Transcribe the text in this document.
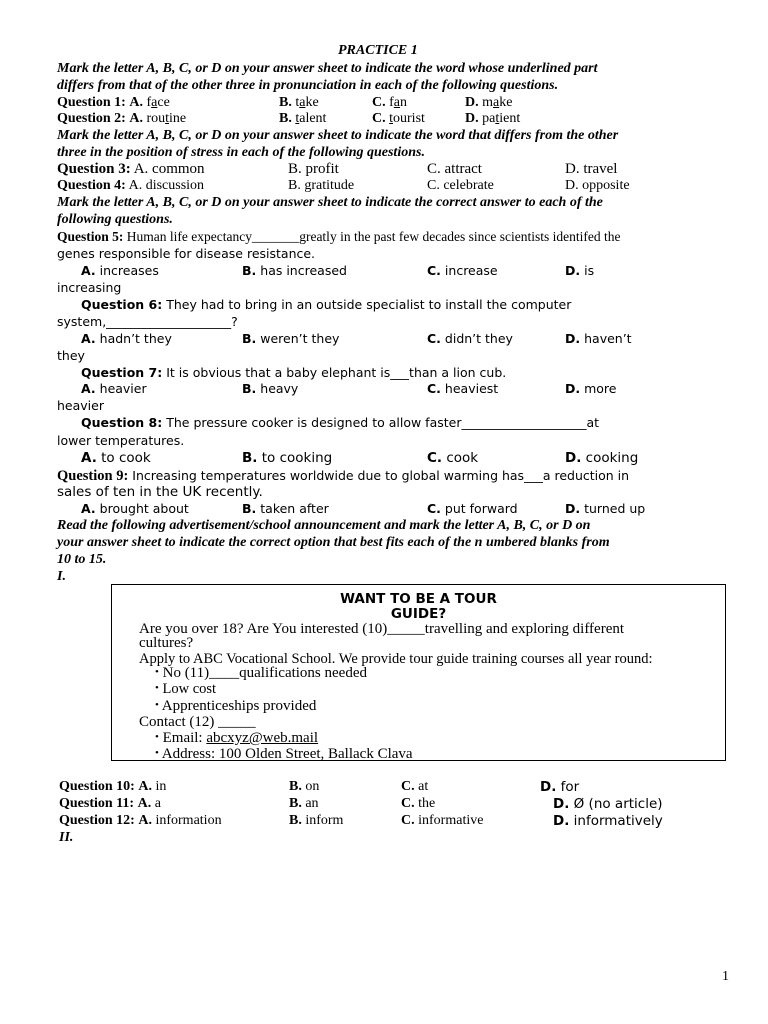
PRACTICE 1
Mark the letter A, B, C, or D on your answer sheet to indicate the word whose underlined part
differs from that of the other three in pronunciation in each of the following questions.
Question 1: A. face	B. take	C. fan	D. make
Question 2: A. routine	B. talent	C. tourist	D. patient
Mark the letter A, B, C, or D on your answer sheet to indicate the word that differs from the other
three in the position of stress in each of the following questions.
Question 3: A. common	B. profit	C. attract	D. travel
Question 4: A. discussion	B. gratitude	C. celebrate	D. opposite
Mark the letter A, B, C, or D on your answer sheet to indicate the correct answer to each of the
following questions.
Question 5: Human life expectancy_______greatly in the past few decades since scientists identifed the
genes responsible for disease resistance.
A. increases	B. has increased	C. increase	D. is
increasing
Question 6: They had to bring in an outside specialist to install the computer
system,____________________?
A. hadn’t they	B. weren’t they	C. didn’t they	D. haven’t
they
Question 7: It is obvious that a baby elephant is___than a lion cub.
A. heavier	B. heavy	C. heaviest	D. more
heavier
Question 8: The pressure cooker is designed to allow faster____________________at
lower temperatures.
A. to cook	B. to cooking	C. cook	D. cooking
Question 9: Increasing temperatures worldwide due to global warming has___a reduction in
sales of ten in the UK recently.
A. brought about	B. taken after	C. put forward	D. turned up
Read the following advertisement/school announcement and mark the letter A, B, C, or D on
your answer sheet to indicate the correct option that best fits each of the n umbered blanks from
10 to 15.
I.
WANT TO BE A TOUR
GUIDE?
Are you over 18? Are You interested (10)_____travelling and exploring different
cultures?
Apply to ABC Vocational School. We provide tour guide training courses all year round:
• No (11)____qualifications needed
• Low cost
• Apprenticeships provided
Contact (12) _____
• Email: abcxyz@web.mail
• Address: 100 Olden Street, Ballack Clava
Question 10: A. in	B. on	C. at	D. for
Question 11: A. a	B. an	C. the	D. Ø (no article)
Question 12: A. information	B. inform	C. informative	D. informatively
II.
1
